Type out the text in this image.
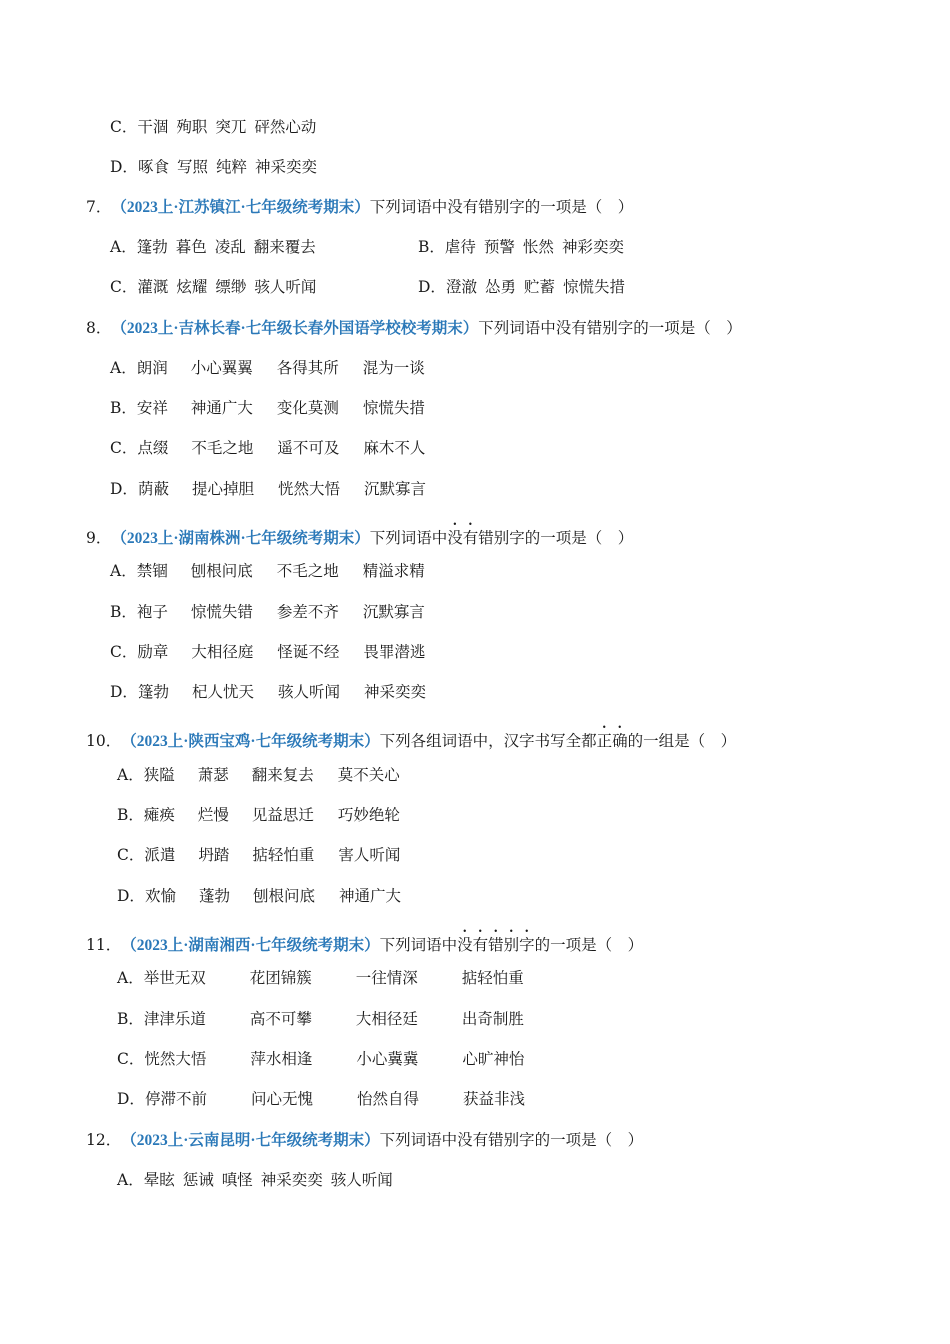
C．干涸 殉职 突兀 砰然心动
D．啄食 写照 纯粹 神采奕奕
7．（2023上·江苏镇江·七年级统考期末）下列词语中没有错别字的一项是（　）
A．篷勃 暮色 凌乱 翻来覆去	B．虐待 预警 怅然 神彩奕奕
C．灌溉 炫耀 缥缈 骇人听闻	D．澄澈 怂勇 贮蓄 惊慌失措
8．（2023上·吉林长春·七年级长春外国语学校校考期末）下列词语中没有错别字的一项是（　）
A．朗润 小心翼翼 各得其所 混为一谈
B．安祥 神通广大 变化莫测 惊慌失措
C．点缀 不毛之地 遥不可及 麻木不人
D．荫蔽 提心掉胆 恍然大悟 沉默寡言
9．（2023上·湖南株洲·七年级统考期末）下列词语中没有错别字的一项是（　）
A．禁锢 刨根问底 不毛之地 精溢求精
B．袍子 惊慌失错 参差不齐 沉默寡言
C．励章 大相径庭 怪诞不经 畏罪潜逃
D．篷勃 杞人忧天 骇人听闻 神采奕奕
10．（2023上·陕西宝鸡·七年级统考期末）下列各组词语中，汉字书写全都正确的一组是（　）
A．狭隘 萧瑟 翻来复去 莫不关心
B．瘫痪 烂慢 见益思迁 巧妙绝轮
C．派遣 坍踏 掂轻怕重 害人听闻
D．欢愉 蓬勃 刨根问底 神通广大
11．（2023上·湖南湘西·七年级统考期末）下列词语中没有错别字的一项是（　）
A．举世无双	花团锦簇	一往情深	掂轻怕重
B．津津乐道	高不可攀	大相径廷	出奇制胜
C．恍然大悟	萍水相逢	小心冀冀	心旷神怡
D．停滞不前	问心无愧	怡然自得	获益非浅
12．（2023上·云南昆明·七年级统考期末）下列词语中没有错别字的一项是（　）
A．晕眩 惩诫 嗔怪 神采奕奕 骇人听闻
